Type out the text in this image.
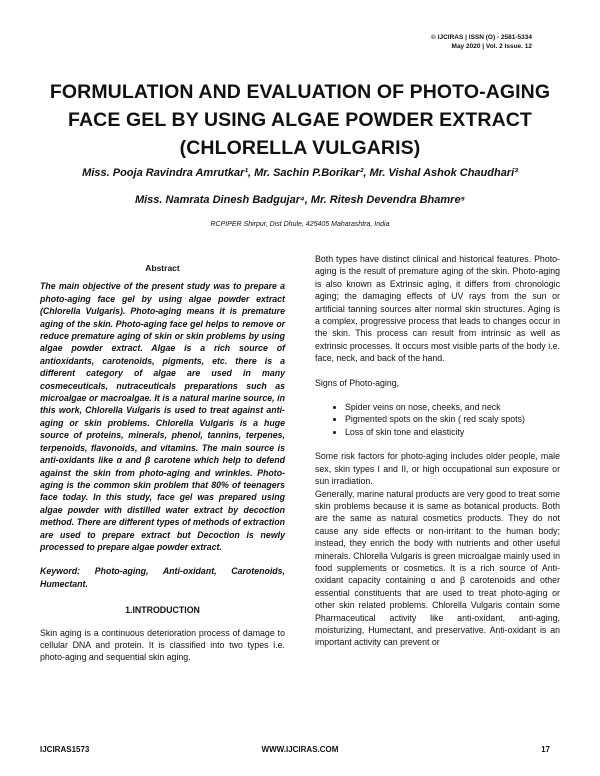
© IJCIRAS | ISSN (O) - 2581-5334
May 2020 | Vol. 2 Issue. 12
FORMULATION AND EVALUATION OF PHOTO-AGING FACE GEL BY USING ALGAE POWDER EXTRACT (CHLORELLA VULGARIS)
Miss. Pooja Ravindra Amrutkar¹, Mr. Sachin P.Borikar², Mr. Vishal Ashok Chaudhari³
Miss. Namrata Dinesh Badgujar⁴, Mr. Ritesh Devendra Bhamre⁵
RCPIPER Shirpur, Dist Dhule, 425405 Maharashtra, India
Abstract

The main objective of the present study was to prepare a photo-aging face gel by using algae powder extract (Chlorella Vulgaris). Photo-aging means it is premature aging of the skin. Photo-aging face gel helps to remove or reduce premature aging of skin or skin problems by using algae powder extract. Algae is a rich source of antioxidants, carotenoids, pigments, etc. there is a different category of algae are used in many cosmeceuticals, nutraceuticals preparations such as microalgae or macroalgae. It is a natural marine source, in this work, Chlorella Vulgaris is used to treat against anti-aging or skin problems. Chlorella Vulgaris is a huge source of proteins, minerals, phenol, tannins, terpenes, terpenoids, flavonoids, and vitamins. The main source is anti-oxidants like α and β carotene which help to defend against the skin from photo-aging and wrinkles. Photo-aging is the common skin problem that 80% of teenagers face today. In this study, face gel was prepared using algae powder with distilled water extract by decoction method. There are different types of methods of extraction are used to prepare extract but Decoction is newly processed to prepare algae powder extract.

Keyword: Photo-aging, Anti-oxidant, Carotenoids, Humectant.

1.INTRODUCTION

Skin aging is a continuous deterioration process of damage to cellular DNA and protein. It is classified into two types i.e. photo-aging and sequential skin aging.

Both types have distinct clinical and historical features. Photo-aging is the result of premature aging of the skin. Photo-aging is also known as Extrinsic aging, it differs from chronologic aging; the damaging effects of UV rays from the sun or artificial tanning sources alter normal skin structures. Aging is a complex, progressive process that leads to changes occur in the skin. This process can result from intrinsic as well as extrinsic processes. It occurs most visible parts of the body i.e. face, neck, and back of the hand.

Signs of Photo-aging,

• Spider veins on nose, cheeks, and neck
• Pigmented spots on the skin ( red scaly spots)
• Loss of skin tone and elasticity

Some risk factors for photo-aging includes older people, male sex, skin types I and II, or high occupational sun exposure or sun irradiation.

Generally, marine natural products are very good to treat some skin problems because it is same as botanical products. Both are the same as natural cosmetics products. They do not cause any side effects or non-irritant to the human body; instead, they enrich the body with nutrients and other useful minerals. Chlorella Vulgaris is green microalgae mainly used in food supplements or cosmetics. It is a rich source of Anti-oxidant capacity containing α and β carotenoids and other essential constituents that are used to treat photo-aging or other skin related problems. Chlorella Vulgaris contain some Pharmaceutical activity like anti-oxidant, anti-aging, moisturizing, Humectant, and preservative. Anti-oxidant is an important activity can prevent or

IJCIRAS1573	WWW.IJCIRAS.COM	17
